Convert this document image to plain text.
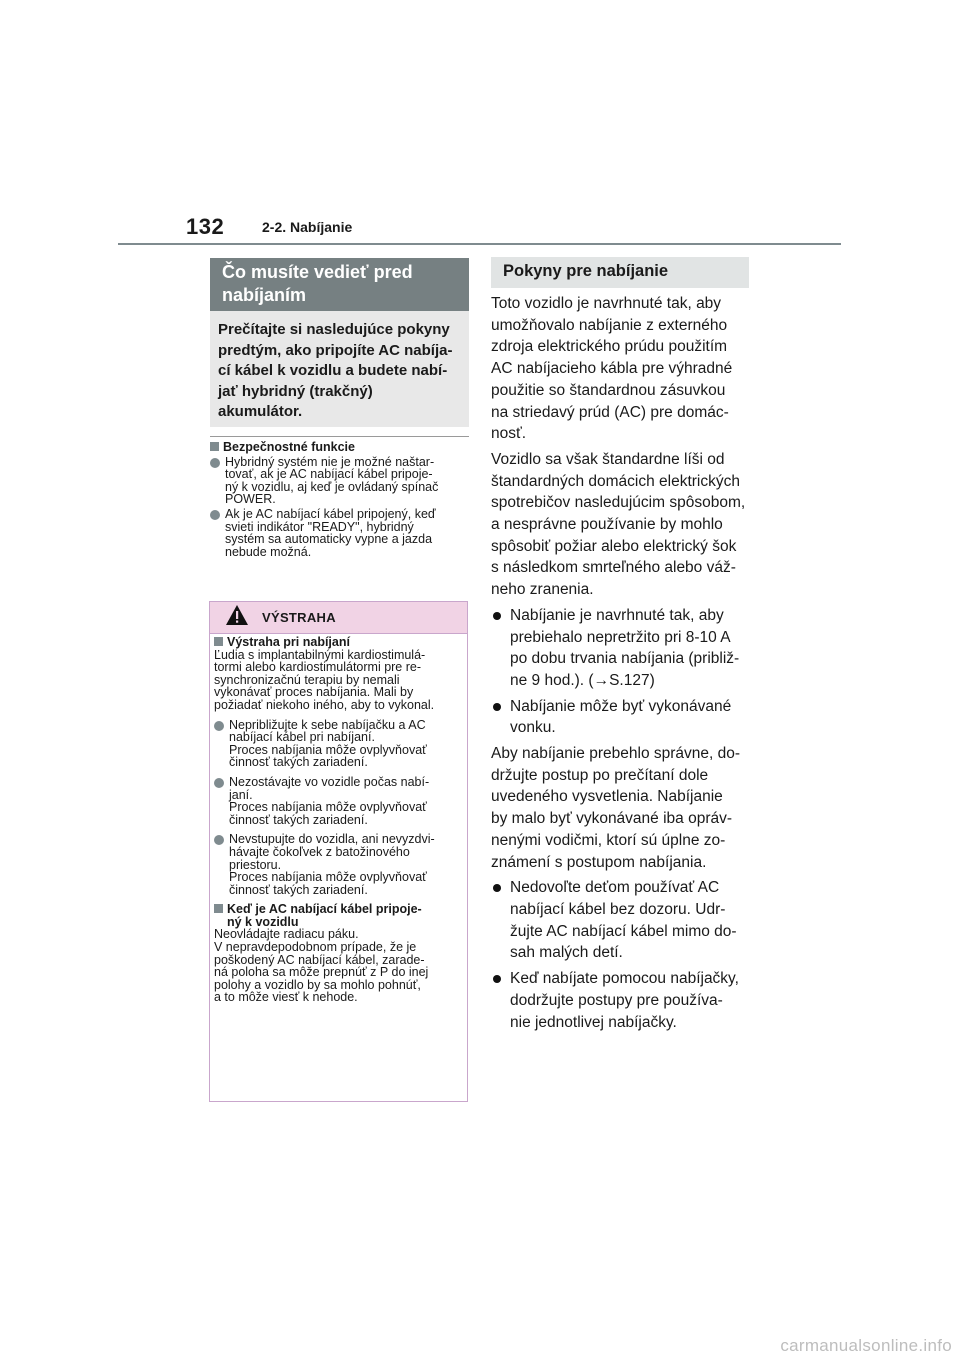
132	2-2. Nabíjanie
Čo musíte vedieť pred
nabíjaním
Prečítajte si nasledujúce pokyny
predtým, ako pripojíte AC nabíja-
cí kábel k vozidlu a budete nabí-
jať hybridný (trakčný)
akumulátor.
Bezpečnostné funkcie
Hybridný systém nie je možné naštar-
tovať, ak je AC nabíjací kábel pripoje-
ný k vozidlu, aj keď je ovládaný spínač
POWER.
Ak je AC nabíjací kábel pripojený, keď
svieti indikátor "READY", hybridný
systém sa automaticky vypne a jazda
nebude možná.
VÝSTRAHA
Výstraha pri nabíjaní
Ľudia s implantabilnými kardiostimulá-
tormi alebo kardiostimulátormi pre re-
synchronizačnú terapiu by nemali
vykonávať proces nabíjania. Mali by
požiadať niekoho iného, aby to vykonal.
Nepribližujte k sebe nabíjačku a AC
nabíjací kábel pri nabíjaní.
Proces nabíjania môže ovplyvňovať
činnosť takých zariadení.
Nezostávajte vo vozidle počas nabí-
janí.
Proces nabíjania môže ovplyvňovať
činnosť takých zariadení.
Nevstupujte do vozidla, ani nevyzdvi-
hávajte čokoľvek z batožinového
priestoru.
Proces nabíjania môže ovplyvňovať
činnosť takých zariadení.
Keď je AC nabíjací kábel pripoje-
ný k vozidlu
Neovládajte radiacu páku.
V nepravdepodobnom prípade, že je
poškodený AC nabíjací kábel, zarade-
ná poloha sa môže prepnúť z P do inej
polohy a vozidlo by sa mohlo pohnúť,
a to môže viesť k nehode.
Pokyny pre nabíjanie

Toto vozidlo je navrhnuté tak, aby
umožňovalo nabíjanie z externého
zdroja elektrického prúdu použitím
AC nabíjacieho kábla pre výhradné
použitie so štandardnou zásuvkou
na striedavý prúd (AC) pre domác-
nosť.

Vozidlo sa však štandardne líši od
štandardných domácich elektrických
spotrebičov nasledujúcim spôsobom,
a nesprávne používanie by mohlo
spôsobiť požiar alebo elektrický šok
s následkom smrteľného alebo váž-
neho zranenia.

Nabíjanie je navrhnuté tak, aby
prebiehalo nepretržito pri 8-10 A
po dobu trvania nabíjania (približ-
ne 9 hod.). (→S.127)
Nabíjanie môže byť vykonávané
vonku.

Aby nabíjanie prebehlo správne, do-
držujte postup po prečítaní dole
uvedeného vysvetlenia. Nabíjanie
by malo byť vykonávané iba opráv-
nenými vodičmi, ktorí sú úplne zo-
známení s postupom nabíjania.

Nedovoľte deťom používať AC
nabíjací kábel bez dozoru. Udr-
žujte AC nabíjací kábel mimo do-
sah malých detí.
Keď nabíjate pomocou nabíjačky,
dodržujte postupy pre používa-
nie jednotlivej nabíjačky.
carmanualsonline.info
